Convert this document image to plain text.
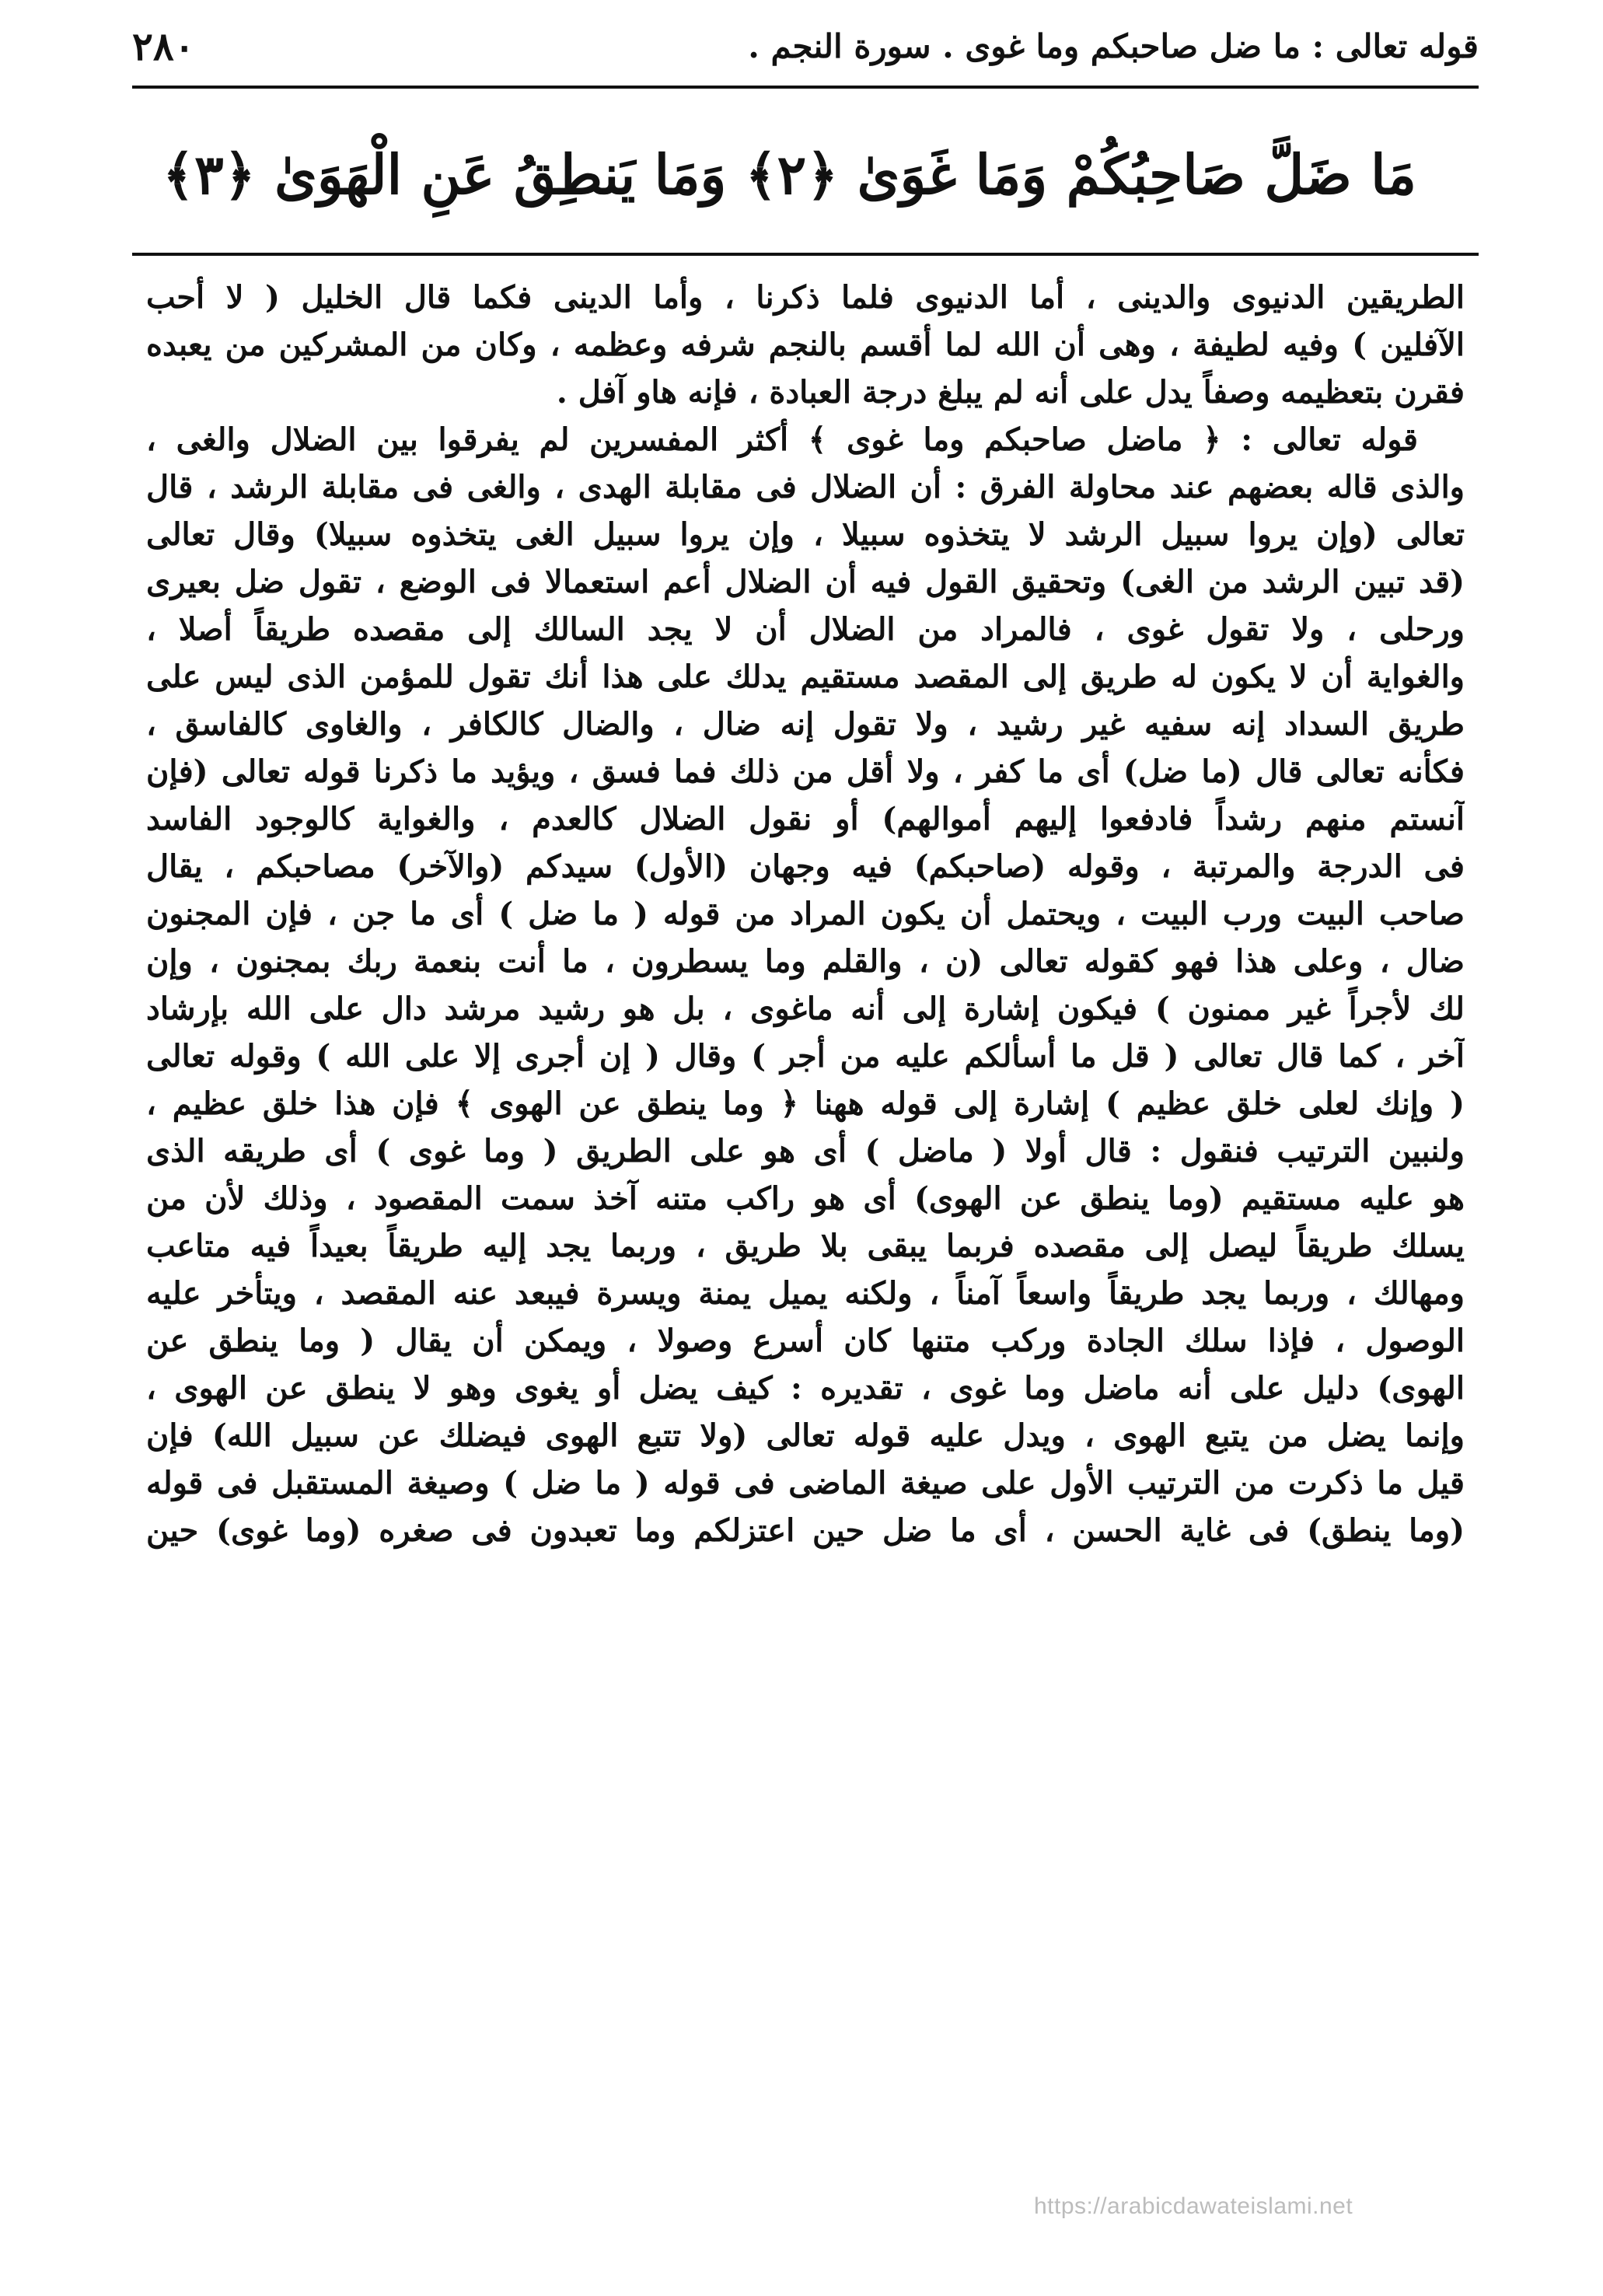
قوله تعالى : ما ضل صاحبكم وما غوى . سورة النجم .
٢٨٠
مَا ضَلَّ صَاحِبُكُمْ وَمَا غَوَىٰ ﴿٢﴾ وَمَا يَنطِقُ عَنِ الْهَوَىٰ ﴿٣﴾
الطريقين الدنيوى والدينى ، أما الدنيوى فلما ذكرنا ، وأما الدينى فكما قال الخليل ( لا أحب
الآفلين ) وفيه لطيفة ، وهى أن الله لما أقسم بالنجم شرفه وعظمه ، وكان من المشركين من يعبده
فقرن بتعظيمه وصفاً يدل على أنه لم يبلغ درجة العبادة ، فإنه هاو آفل .
قوله تعالى : ﴿ ماضل صاحبكم وما غوى ﴾ أكثر المفسرين لم يفرقوا بين الضلال والغى ،
والذى قاله بعضهم عند محاولة الفرق : أن الضلال فى مقابلة الهدى ، والغى فى مقابلة الرشد ، قال
تعالى (وإن يروا سبيل الرشد لا يتخذوه سبيلا ، وإن يروا سبيل الغى يتخذوه سبيلا) وقال تعالى
(قد تبين الرشد من الغى) وتحقيق القول فيه أن الضلال أعم استعمالا فى الوضع ، تقول ضل بعيرى
ورحلى ، ولا تقول غوى ، فالمراد من الضلال أن لا يجد السالك إلى مقصده طريقاً أصلا ،
والغواية أن لا يكون له طريق إلى المقصد مستقيم يدلك على هذا أنك تقول للمؤمن الذى ليس على
طريق السداد إنه سفيه غير رشيد ، ولا تقول إنه ضال ، والضال كالكافر ، والغاوى كالفاسق ،
فكأنه تعالى قال (ما ضل) أى ما كفر ، ولا أقل من ذلك فما فسق ، ويؤيد ما ذكرنا قوله تعالى (فإن
آنستم منهم رشداً فادفعوا إليهم أموالهم) أو نقول الضلال كالعدم ، والغواية كالوجود الفاسد
فى الدرجة والمرتبة ، وقوله (صاحبكم) فيه وجهان (الأول) سيدكم (والآخر) مصاحبكم ، يقال
صاحب البيت ورب البيت ، ويحتمل أن يكون المراد من قوله ( ما ضل ) أى ما جن ، فإن المجنون
ضال ، وعلى هذا فهو كقوله تعالى (ن ، والقلم وما يسطرون ، ما أنت بنعمة ربك بمجنون ، وإن
لك لأجراً غير ممنون ) فيكون إشارة إلى أنه ماغوى ، بل هو رشيد مرشد دال على الله بإرشاد
آخر ، كما قال تعالى ( قل ما أسألكم عليه من أجر ) وقال ( إن أجرى إلا على الله ) وقوله تعالى
( وإنك لعلى خلق عظيم ) إشارة إلى قوله ههنا ﴿ وما ينطق عن الهوى ﴾ فإن هذا خلق عظيم ،
ولنبين الترتيب فنقول : قال أولا ( ماضل ) أى هو على الطريق ( وما غوى ) أى طريقه الذى
هو عليه مستقيم (وما ينطق عن الهوى) أى هو راكب متنه آخذ سمت المقصود ، وذلك لأن من
يسلك طريقاً ليصل إلى مقصده فربما يبقى بلا طريق ، وربما يجد إليه طريقاً بعيداً فيه متاعب
ومهالك ، وربما يجد طريقاً واسعاً آمناً ، ولكنه يميل يمنة ويسرة فيبعد عنه المقصد ، ويتأخر عليه
الوصول ، فإذا سلك الجادة وركب متنها كان أسرع وصولا ، ويمكن أن يقال ( وما ينطق عن
الهوى) دليل على أنه ماضل وما غوى ، تقديره : كيف يضل أو يغوى وهو لا ينطق عن الهوى ،
وإنما يضل من يتبع الهوى ، ويدل عليه قوله تعالى (ولا تتبع الهوى فيضلك عن سبيل الله) فإن
قيل ما ذكرت من الترتيب الأول على صيغة الماضى فى قوله ( ما ضل ) وصيغة المستقبل فى قوله
(وما ينطق) فى غاية الحسن ، أى ما ضل حين اعتزلكم وما تعبدون فى صغره (وما غوى) حين
https://arabicdawateislami.net
